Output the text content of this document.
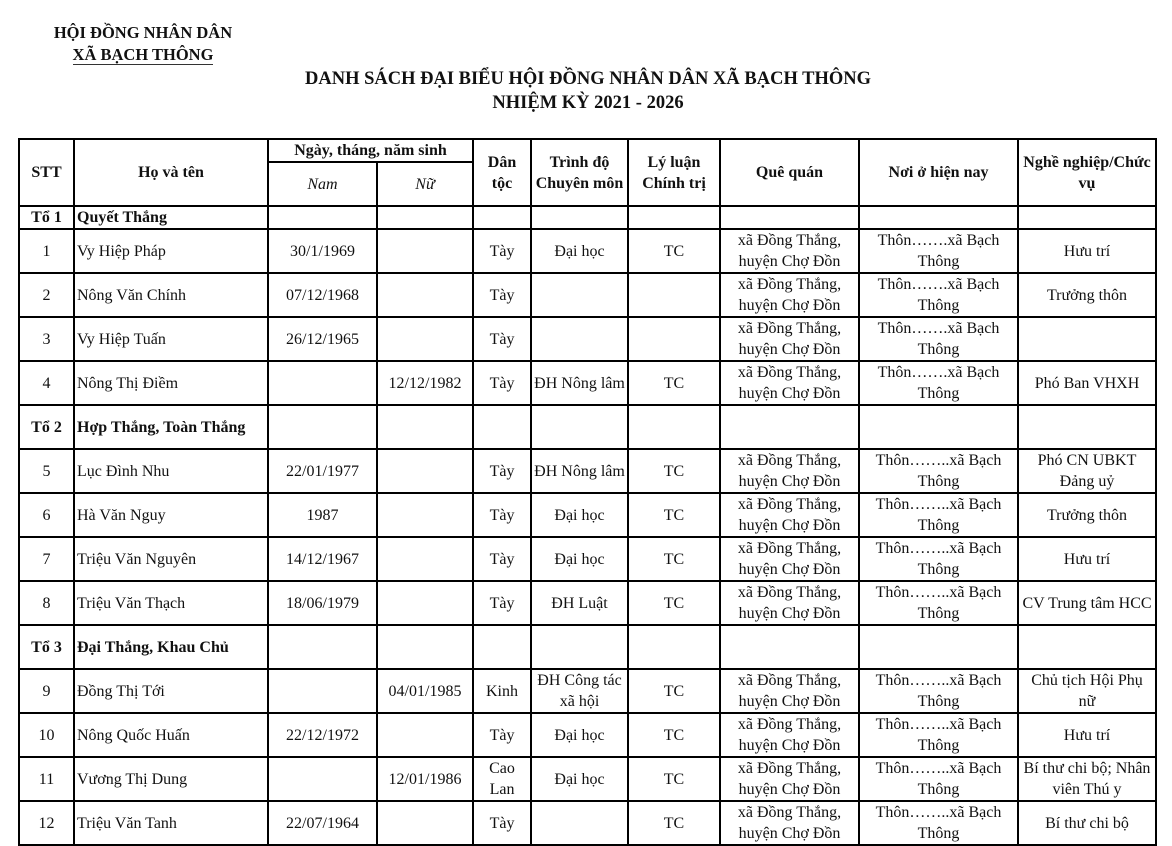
HỘI ĐỒNG NHÂN DÂN
XÃ BẠCH THÔNG
DANH SÁCH ĐẠI BIỂU HỘI ĐỒNG NHÂN DÂN XÃ BẠCH THÔNG
NHIỆM KỲ 2021 - 2026
STT	Họ và tên	Ngày, tháng, năm sinh		Dân tộc	Trình độ Chuyên môn	Lý luận Chính trị	Quê quán	Nơi ở hiện nay	Nghề nghiệp/Chức vụ
		Nam	Nữ						
Tổ 1	Quyết Thắng								
1	Vy Hiệp Pháp	30/1/1969		Tày	Đại học	TC	xã Đồng Thắng, huyện Chợ Đồn	Thôn…….xã Bạch Thông	Hưu trí
2	Nông Văn Chính	07/12/1968		Tày			xã Đồng Thắng, huyện Chợ Đồn	Thôn…….xã Bạch Thông	Trưởng thôn
3	Vy Hiệp Tuấn	26/12/1965		Tày			xã Đồng Thắng, huyện Chợ Đồn	Thôn…….xã Bạch Thông	
4	Nông Thị Điềm		12/12/1982	Tày	ĐH Nông lâm	TC	xã Đồng Thắng, huyện Chợ Đồn	Thôn…….xã Bạch Thông	Phó Ban VHXH
Tổ 2	Hợp Thắng, Toàn Thắng								
5	Lục Đình Nhu	22/01/1977		Tày	ĐH Nông lâm	TC	xã Đồng Thắng, huyện Chợ Đồn	Thôn……..xã Bạch Thông	Phó CN UBKT Đảng uỷ
6	Hà Văn Nguy	1987		Tày	Đại học	TC	xã Đồng Thắng, huyện Chợ Đồn	Thôn……..xã Bạch Thông	Trưởng thôn
7	Triệu Văn Nguyên	14/12/1967		Tày	Đại học	TC	xã Đồng Thắng, huyện Chợ Đồn	Thôn……..xã Bạch Thông	Hưu trí
8	Triệu Văn Thạch	18/06/1979		Tày	ĐH Luật	TC	xã Đồng Thắng, huyện Chợ Đồn	Thôn……..xã Bạch Thông	CV Trung tâm HCC
Tổ 3	Đại Thắng, Khau Chủ								
9	Đồng Thị Tới		04/01/1985	Kinh	ĐH Công tác xã hội	TC	xã Đồng Thắng, huyện Chợ Đồn	Thôn……..xã Bạch Thông	Chủ tịch Hội Phụ nữ
10	Nông Quốc Huấn	22/12/1972		Tày	Đại học	TC	xã Đồng Thắng, huyện Chợ Đồn	Thôn……..xã Bạch Thông	Hưu trí
11	Vương Thị Dung		12/01/1986	Cao Lan	Đại học	TC	xã Đồng Thắng, huyện Chợ Đồn	Thôn……..xã Bạch Thông	Bí thư chi bộ; Nhân viên Thú y
12	Triệu Văn Tanh	22/07/1964		Tày		TC	xã Đồng Thắng, huyện Chợ Đồn	Thôn……..xã Bạch Thông	Bí thư chi bộ
